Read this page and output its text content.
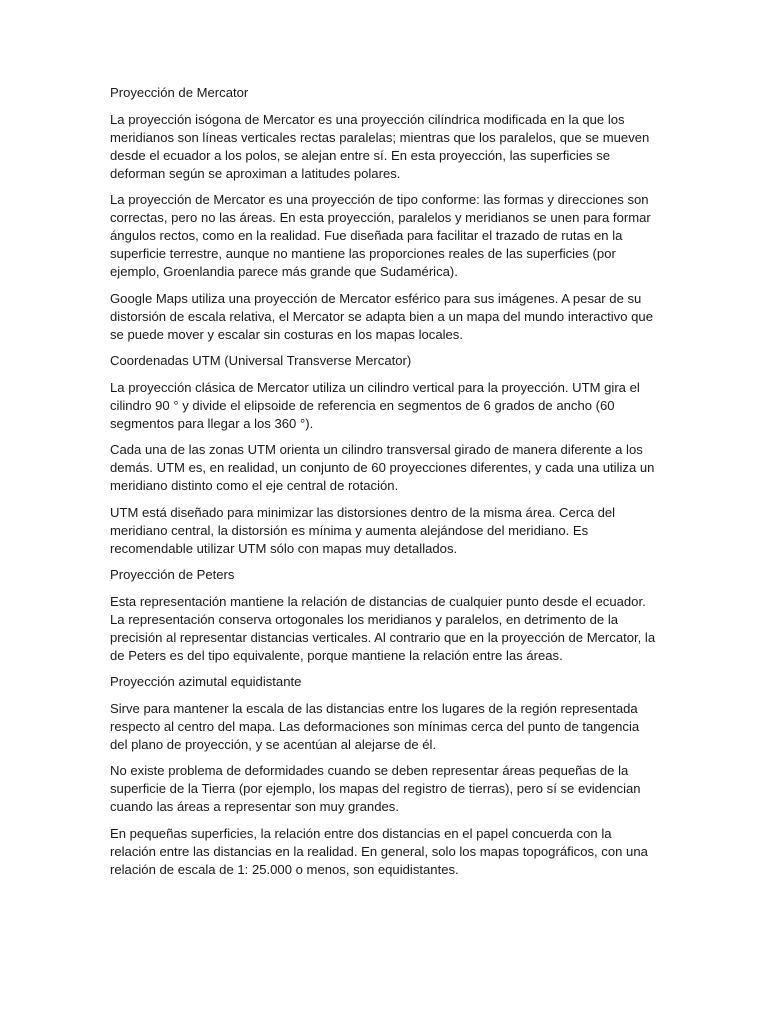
Proyección de Mercator

La proyección isógona de Mercator es una proyección cilíndrica modificada en la que los meridianos son líneas verticales rectas paralelas; mientras que los paralelos, que se mueven desde el ecuador a los polos, se alejan entre sí. En esta proyección, las superficies se deforman según se aproximan a latitudes polares.

La proyección de Mercator es una proyección de tipo conforme: las formas y direcciones son correctas, pero no las áreas. En esta proyección, paralelos y meridianos se unen para formar ángulos rectos, como en la realidad. Fue diseñada para facilitar el trazado de rutas en la superficie terrestre, aunque no mantiene las proporciones reales de las superficies (por ejemplo, Groenlandia parece más grande que Sudamérica).

Google Maps utiliza una proyección de Mercator esférico para sus imágenes. A pesar de su distorsión de escala relativa, el Mercator se adapta bien a un mapa del mundo interactivo que se puede mover y escalar sin costuras en los mapas locales.

Coordenadas UTM (Universal Transverse Mercator)

La proyección clásica de Mercator utiliza un cilindro vertical para la proyección. UTM gira el cilindro 90 ° y divide el elipsoide de referencia en segmentos de 6 grados de ancho (60 segmentos para llegar a los 360 °).

Cada una de las zonas UTM orienta un cilindro transversal girado de manera diferente a los demás. UTM es, en realidad, un conjunto de 60 proyecciones diferentes, y cada una utiliza un meridiano distinto como el eje central de rotación.

UTM está diseñado para minimizar las distorsiones dentro de la misma área. Cerca del meridiano central, la distorsión es mínima y aumenta alejándose del meridiano. Es recomendable utilizar UTM sólo con mapas muy detallados.

Proyección de Peters

Esta representación mantiene la relación de distancias de cualquier punto desde el ecuador. La representación conserva ortogonales los meridianos y paralelos, en detrimento de la precisión al representar distancias verticales. Al contrario que en la proyección de Mercator, la de Peters es del tipo equivalente, porque mantiene la relación entre las áreas.

Proyección azimutal equidistante

Sirve para mantener la escala de las distancias entre los lugares de la región representada respecto al centro del mapa. Las deformaciones son mínimas cerca del punto de tangencia del plano de proyección, y se acentúan al alejarse de él.

No existe problema de deformidades cuando se deben representar áreas pequeñas de la superficie de la Tierra (por ejemplo, los mapas del registro de tierras), pero sí se evidencian cuando las áreas a representar son muy grandes.

En pequeñas superficies, la relación entre dos distancias en el papel concuerda con la relación entre las distancias en la realidad. En general, solo los mapas topográficos, con una relación de escala de 1: 25.000 o menos, son equidistantes.
